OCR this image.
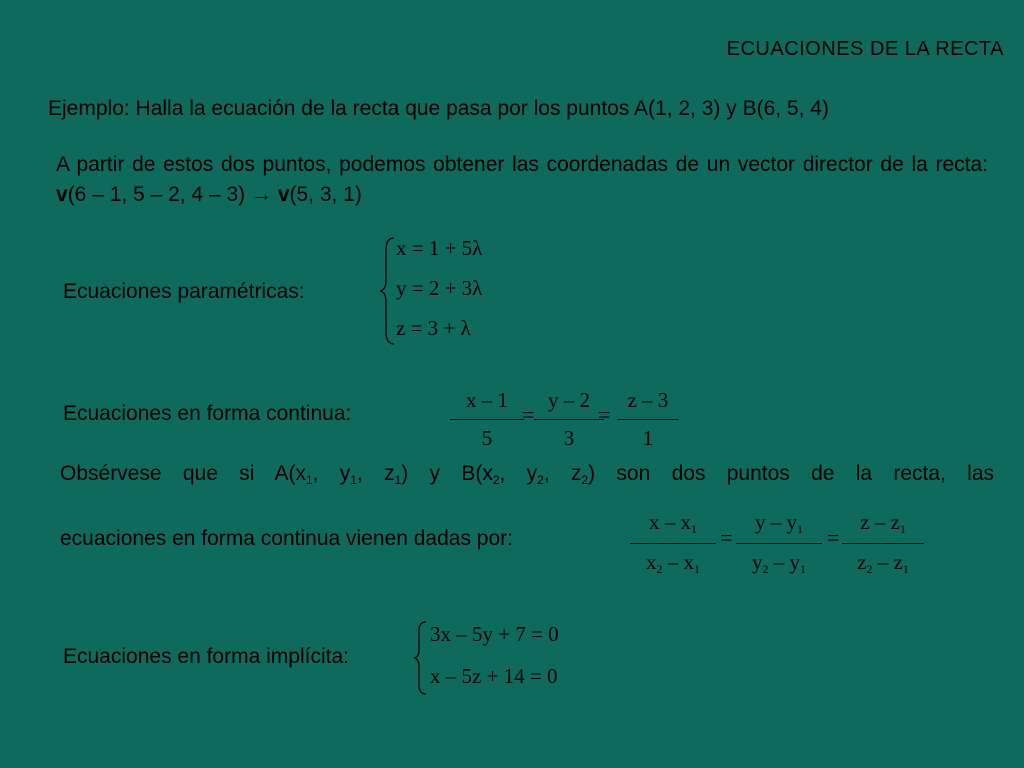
ECUACIONES DE LA RECTA
Ejemplo: Halla la ecuación de la recta que pasa por los puntos A(1, 2, 3) y B(6, 5, 4)
A partir de estos dos puntos, podemos obtener las coordenadas de un vector director de la recta: v(6 – 1, 5 – 2, 4 – 3) → v(5, 3, 1)
Ecuaciones paramétricas:
x = 1 + 5λ
y = 2 + 3λ
z = 3 + λ
Ecuaciones en forma continua:
x – 1
5
=
y – 2
3
=
z – 3
1
Obsérvese que si $A(x_1$, $y_1$, $z_1$) y $B(x_2$, $y_2$, $z_2$) son dos puntos de la recta, las
ecuaciones en forma continua vienen dadas por:
x – $x_1$
$x_2 - x_1$
=
y – $y_1$
$y_2 - y_1$
=
z – $z_1$
$z_2 - z_1$
Ecuaciones en forma implícita:
3x – 5y + 7 = 0
x – 5z + 14 = 0
